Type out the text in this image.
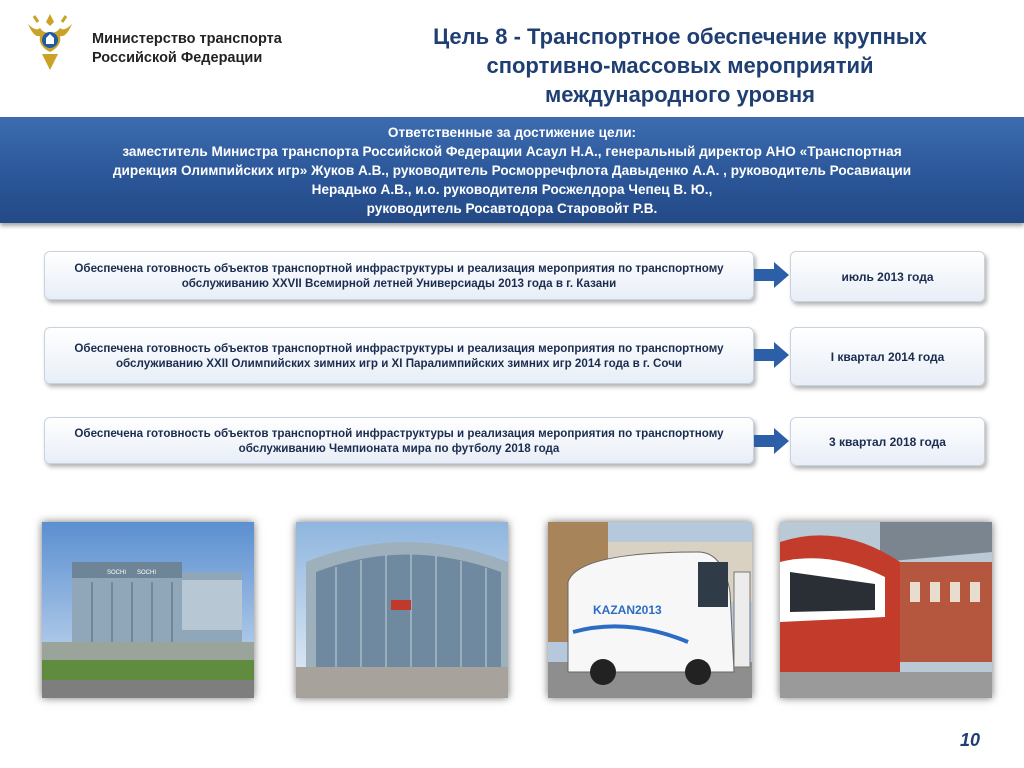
Министерство транспорта
Российской Федерации
Цель 8 - Транспортное обеспечение крупных
спортивно-массовых мероприятий
международного уровня
Ответственные за достижение цели:
заместитель Министра транспорта Российской Федерации Асаул Н.А., генеральный директор АНО «Транспортная
дирекция Олимпийских игр» Жуков А.В., руководитель Росморречфлота Давыденко А.А. , руководитель Росавиации
Нерадько А.В., и.о. руководителя Росжелдора Чепец В. Ю.,
руководитель Росавтодора Старовойт Р.В.
Обеспечена готовность объектов транспортной инфраструктуры и реализация мероприятия по транспортному обслуживанию XXVII Всемирной летней Универсиады 2013 года в г. Казани	июль 2013 года
Обеспечена готовность объектов транспортной инфраструктуры и реализация мероприятия по транспортному обслуживанию XXII Олимпийских зимних игр и XI Паралимпийских зимних игр 2014 года в г. Сочи	I квартал 2014 года
Обеспечена готовность объектов транспортной инфраструктуры и реализация мероприятия по транспортному обслуживанию Чемпионата мира по футболу 2018 года	3 квартал 2018 года
SOCHI SOCHI
KAZAN2013
10
